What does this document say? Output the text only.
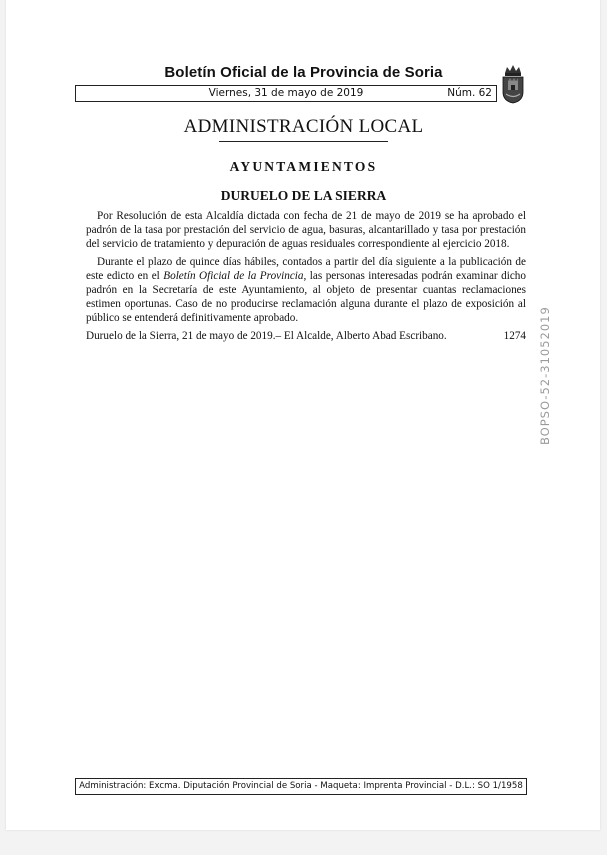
Boletín Oficial de la Provincia de Soria
Viernes, 31 de mayo de 2019	Núm. 62
ADMINISTRACIÓN LOCAL
AYUNTAMIENTOS
DURUELO DE LA SIERRA

Por Resolución de esta Alcaldía dictada con fecha de 21 de mayo de 2019 se ha aprobado el padrón de la tasa por prestación del servicio de agua, basuras, alcantarillado y tasa por prestación del servicio de tratamiento y depuración de aguas residuales correspondiente al ejercicio 2018.

Durante el plazo de quince días hábiles, contados a partir del día siguiente a la publicación de este edicto en el Boletín Oficial de la Provincia, las personas interesadas podrán examinar dicho padrón en la Secretaría de este Ayuntamiento, al objeto de presentar cuantas reclamaciones estimen oportunas. Caso de no producirse reclamación alguna durante el plazo de exposición al público se entenderá definitivamente aprobado.

Duruelo de la Sierra, 21 de mayo de 2019.– El Alcalde, Alberto Abad Escribano.	1274 BOPSO-52-31052019
Administración: Excma. Diputación Provincial de Soria - Maqueta: Imprenta Provincial - D.L.: SO 1/1958
